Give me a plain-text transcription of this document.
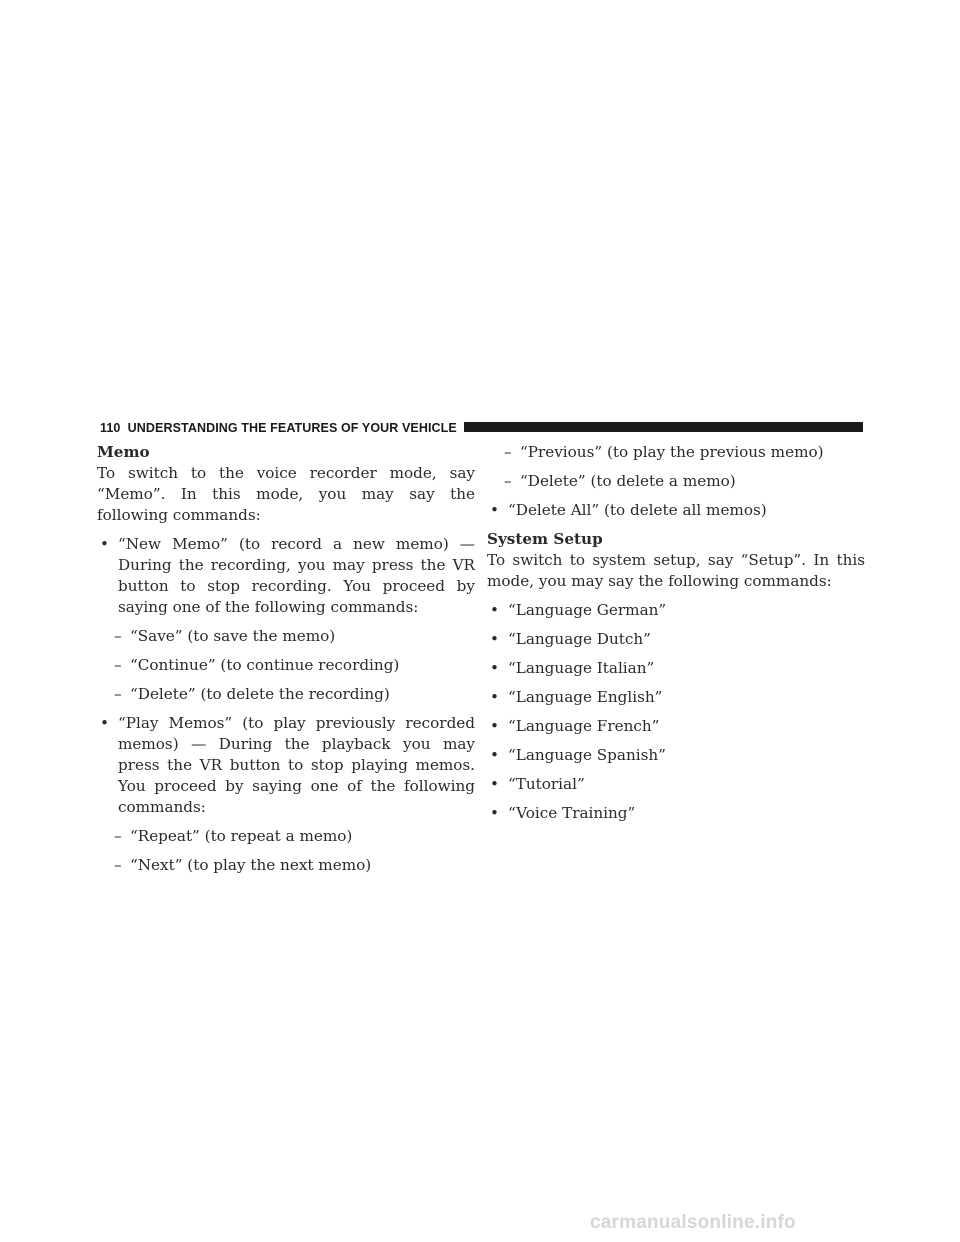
110 UNDERSTANDING THE FEATURES OF YOUR VEHICLE
Memo

To switch to the voice recorder mode, say “Memo”. In this mode, you may say the following commands:

• “New Memo” (to record a new memo) — During the recording, you may press the VR button to stop recording. You proceed by saying one of the following commands:
– “Save” (to save the memo)
– “Continue” (to continue recording)
– “Delete” (to delete the recording)
• “Play Memos” (to play previously recorded memos) — During the playback you may press the VR button to stop playing memos. You proceed by saying one of the following commands:
– “Repeat” (to repeat a memo)
– “Next” (to play the next memo)
– “Previous” (to play the previous memo)
– “Delete” (to delete a memo)
• “Delete All” (to delete all memos)
System Setup

To switch to system setup, say “Setup”. In this mode, you may say the following commands:

• “Language German”
• “Language Dutch”
• “Language Italian”
• “Language English”
• “Language French”
• “Language Spanish”
• “Tutorial”
• “Voice Training”
carmanualsonline.info
